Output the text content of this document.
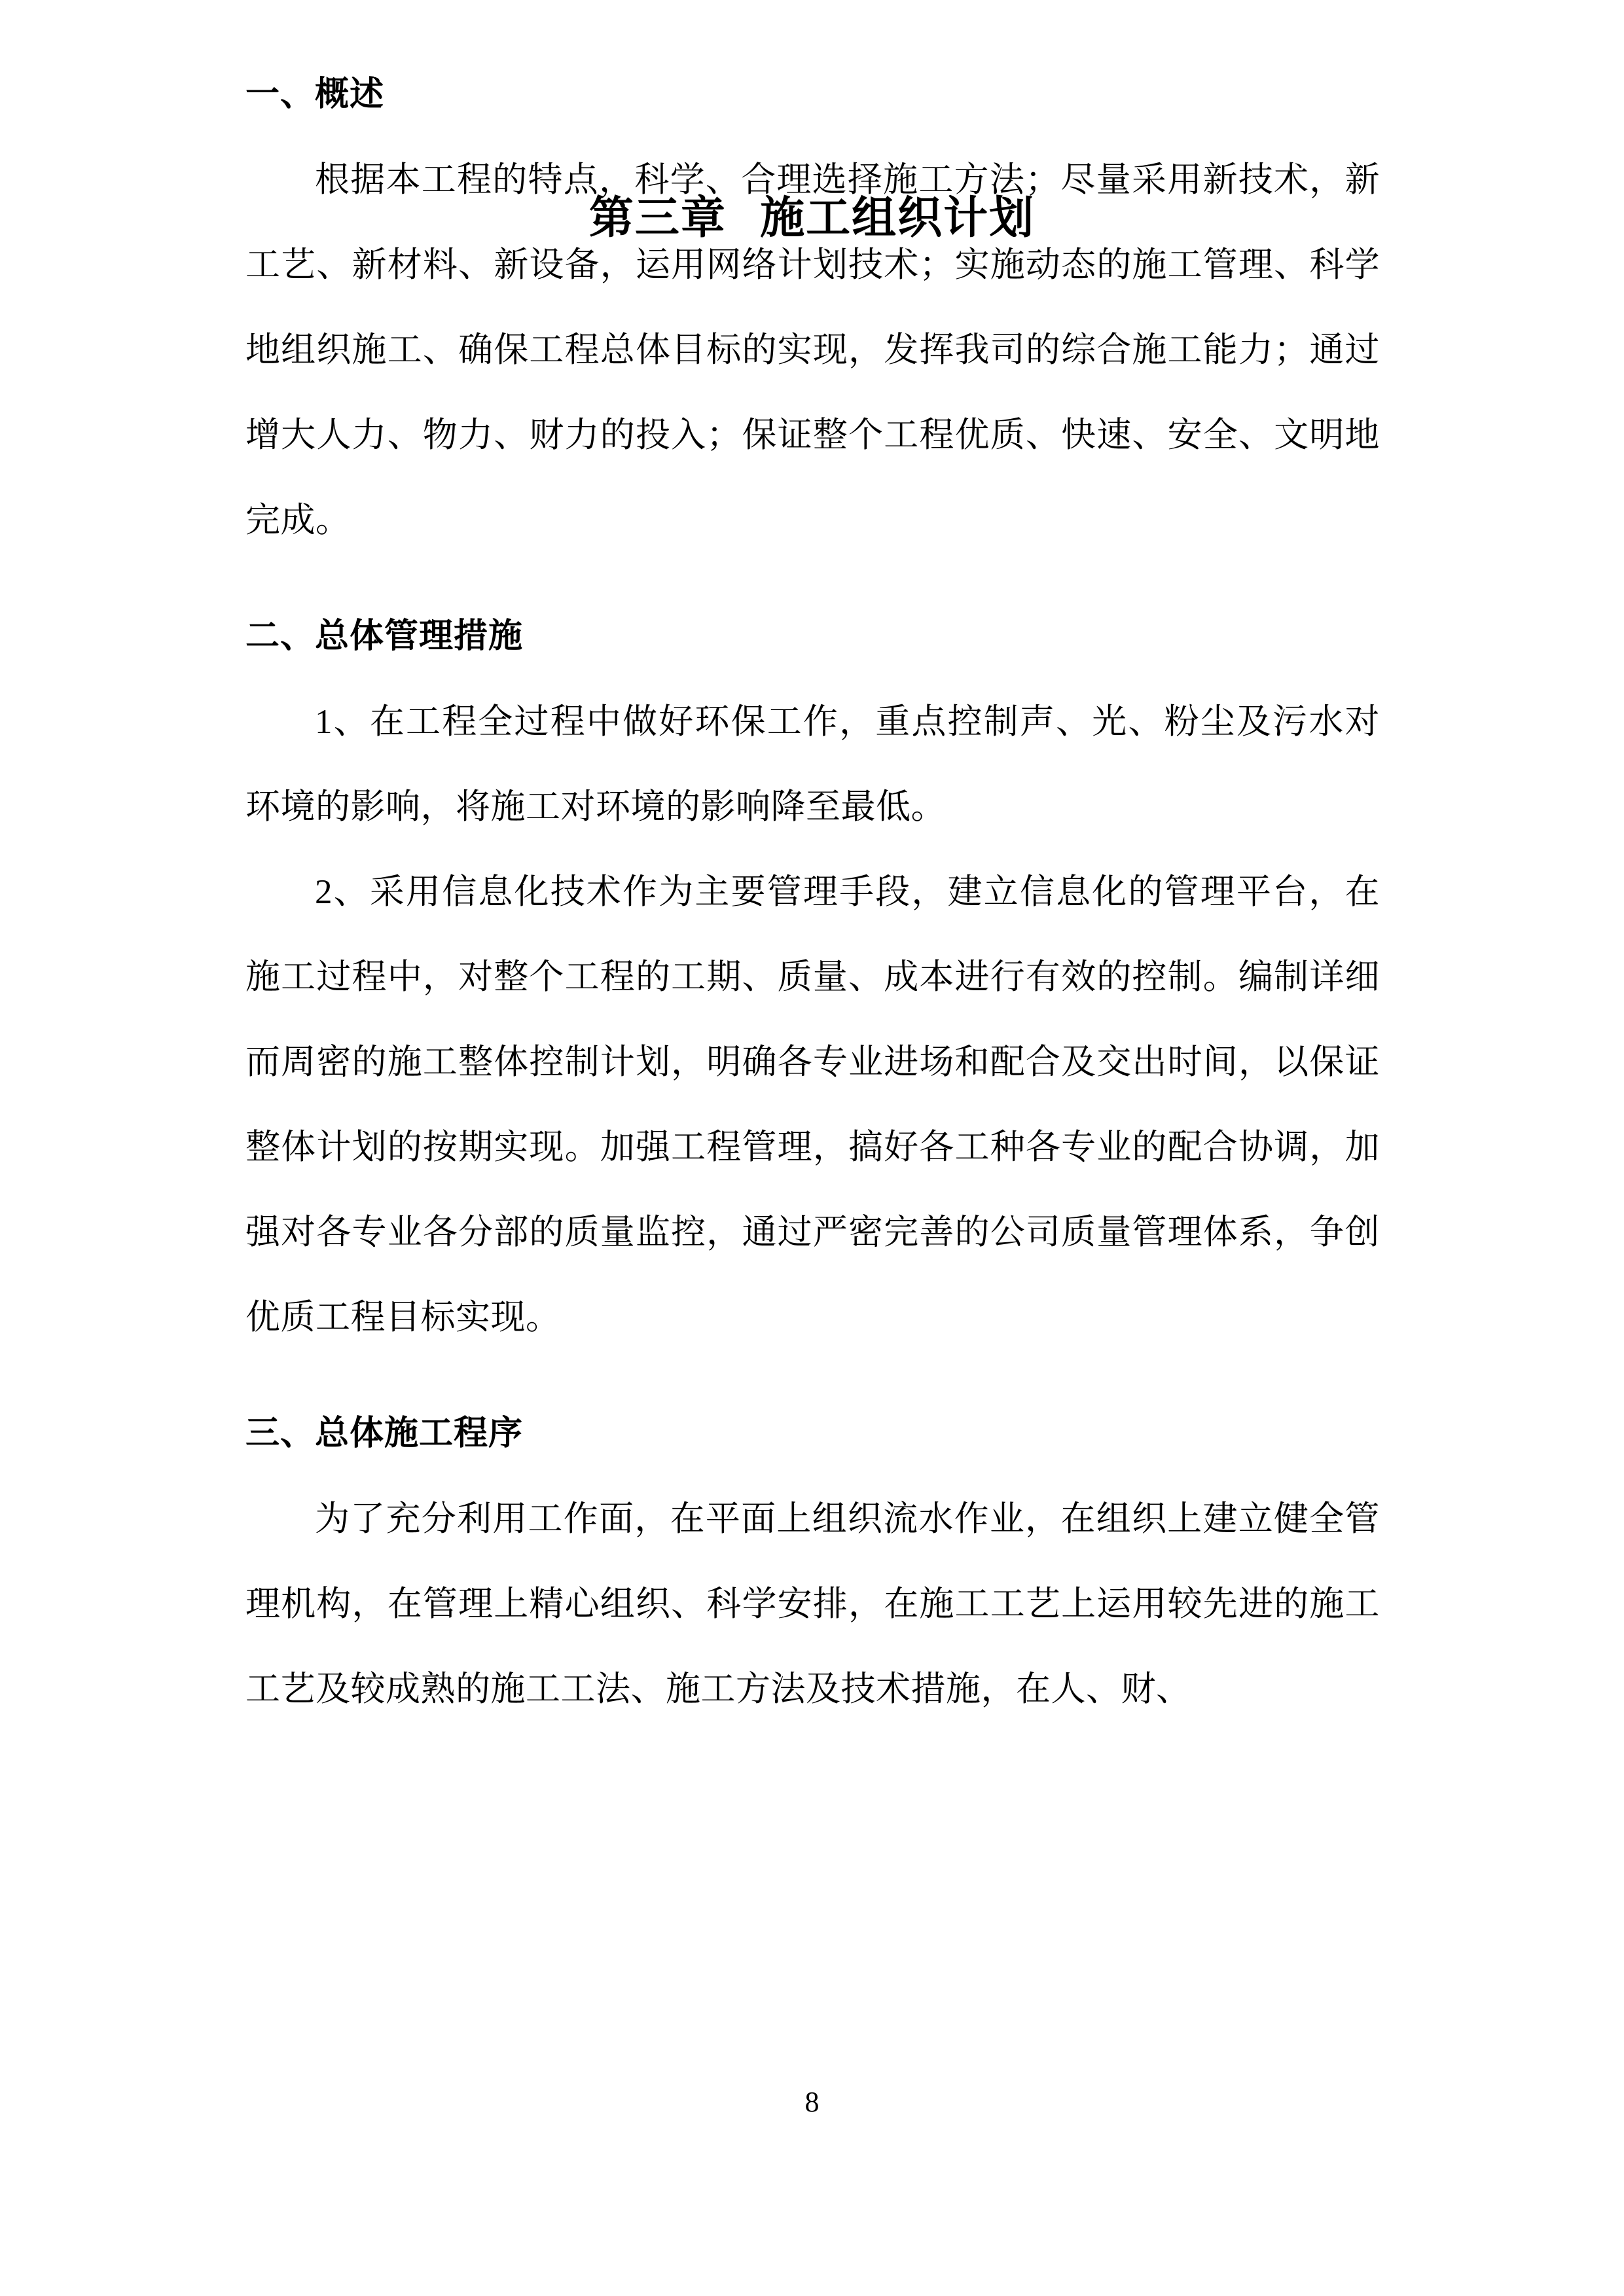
第三章  施工组织计划
一、概述

根据本工程的特点，科学、合理选择施工方法；尽量采用新技术，新工艺、新材料、新设备，运用网络计划技术；实施动态的施工管理、科学地组织施工、确保工程总体目标的实现，发挥我司的综合施工能力；通过增大人力、物力、财力的投入；保证整个工程优质、快速、安全、文明地完成。

二、总体管理措施

1、在工程全过程中做好环保工作，重点控制声、光、粉尘及污水对环境的影响，将施工对环境的影响降至最低。

2、采用信息化技术作为主要管理手段，建立信息化的管理平台，在施工过程中，对整个工程的工期、质量、成本进行有效的控制。编制详细而周密的施工整体控制计划，明确各专业进场和配合及交出时间，以保证整体计划的按期实现。加强工程管理，搞好各工种各专业的配合协调，加强对各专业各分部的质量监控，通过严密完善的公司质量管理体系，争创优质工程目标实现。

三、总体施工程序

为了充分利用工作面，在平面上组织流水作业，在组织上建立健全管理机构，在管理上精心组织、科学安排，在施工工艺上运用较先进的施工工艺及较成熟的施工工法、施工方法及技术措施，在人、财、

8
